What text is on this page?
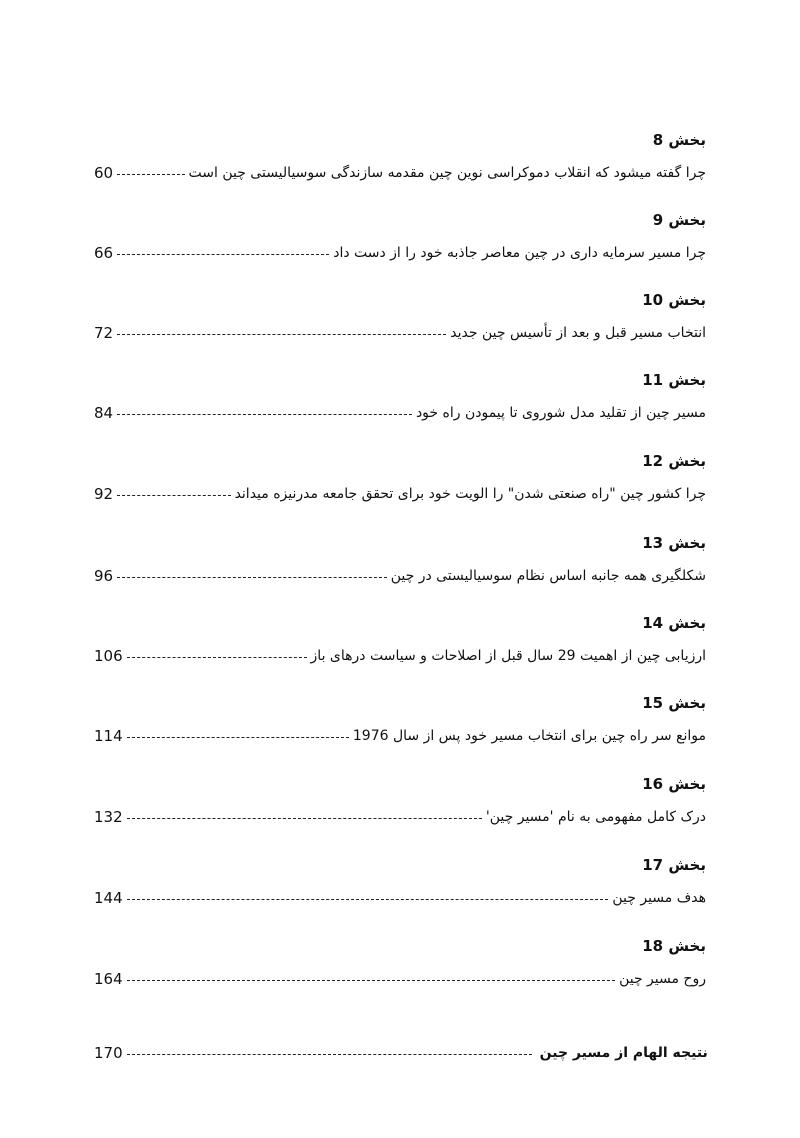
بخش 8
60	چرا گفته میشود که انقلاب دموکراسی نوین چین مقدمه سازندگی سوسیالیستی چین است
بخش 9
66	چرا مسیر سرمایه داری در چین معاصر جاذبه خود را از دست داد
بخش 10
72	انتخاب مسیر قبل و بعد از تأسیس چین جدید
بخش 11
84	مسیر چین از تقلید مدل شوروی تا پیمودن راه خود
بخش 12
92	چرا کشور چین "راه صنعتی شدن" را الویت خود برای تحقق جامعه مدرنیزه میداند
بخش 13
96	شکلگیری همه جانبه اساس نظام سوسیالیستی در چین
بخش 14
106	ارزیابی چین از اهمیت 29 سال قبل از اصلاحات و سیاست درهای باز
بخش 15
114	موانع سر راه چین برای انتخاب مسیر خود پس از سال 1976
بخش 16
132	درک کامل مفهومی به نام 'مسیر چین'
بخش 17
144	هدف مسیر چین
بخش 18
164	روح مسیر چین
170	نتیجه الهام از مسیر چین
